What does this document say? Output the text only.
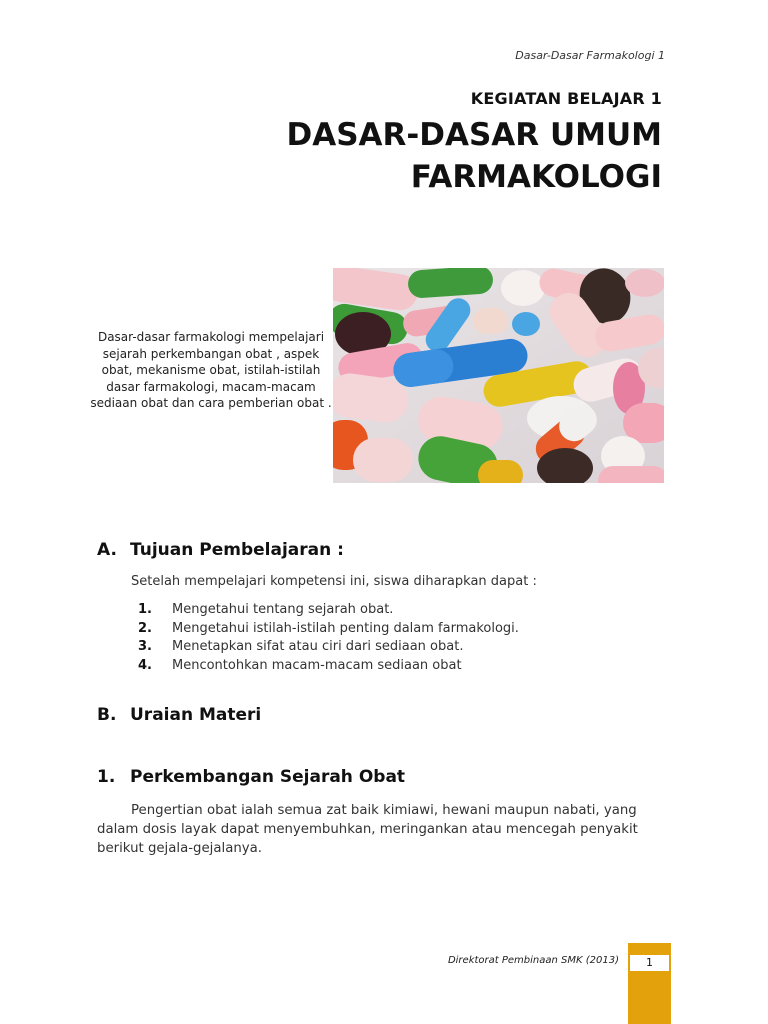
Dasar-Dasar Farmakologi 1
KEGIATAN BELAJAR 1
DASAR-DASAR UMUM
FARMAKOLOGI
Dasar-dasar farmakologi mempelajari sejarah perkembangan obat , aspek obat, mekanisme obat, istilah-istilah dasar farmakologi, macam-macam sediaan obat dan cara pemberian obat .
A. Tujuan Pembelajaran :
Setelah mempelajari kompetensi ini, siswa diharapkan dapat :
1.	Mengetahui tentang sejarah obat.
2.	Mengetahui istilah-istilah penting dalam farmakologi.
3.	Menetapkan sifat atau ciri dari sediaan obat.
4.	Mencontohkan macam-macam sediaan obat
B. Uraian Materi
1. Perkembangan Sejarah Obat

Pengertian obat ialah semua zat baik kimiawi, hewani maupun nabati, yang dalam dosis layak dapat menyembuhkan, meringankan atau mencegah penyakit berikut gejala-gejalanya.

Direktorat Pembinaan SMK (2013)	1
